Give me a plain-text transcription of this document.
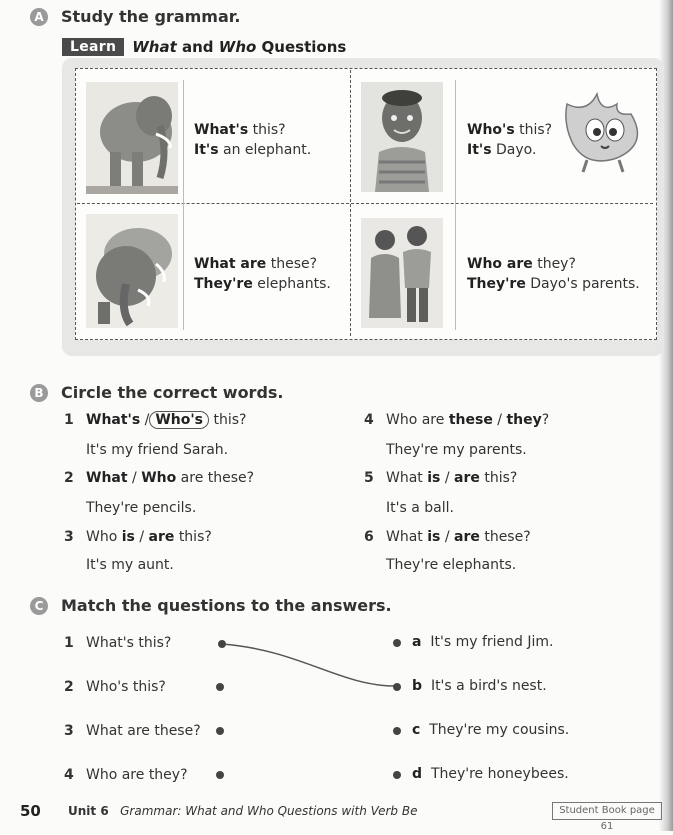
A Study the grammar.
Learn	What and Who Questions
What's this?
It's an elephant.
Who's this?
It's Dayo.
What are these?
They're elephants.
Who are they?
They're Dayo's parents.
B Circle the correct words.
1 What's / Who's this?
It's my friend Sarah.
2 What / Who are these?
They're pencils.
3 Who is / are this?
It's my aunt.
4 Who are these / they?
They're my parents.
5 What is / are this?
It's a ball.
6 What is / are these?
They're elephants.
C Match the questions to the answers.
1 What's this?
2 Who's this?
3 What are these?
4 Who are they?
a It's my friend Jim.
b It's a bird's nest.
c They're my cousins.
d They're honeybees.
50 Unit 6 Grammar: What and Who Questions with Verb Be	Student Book page 61
